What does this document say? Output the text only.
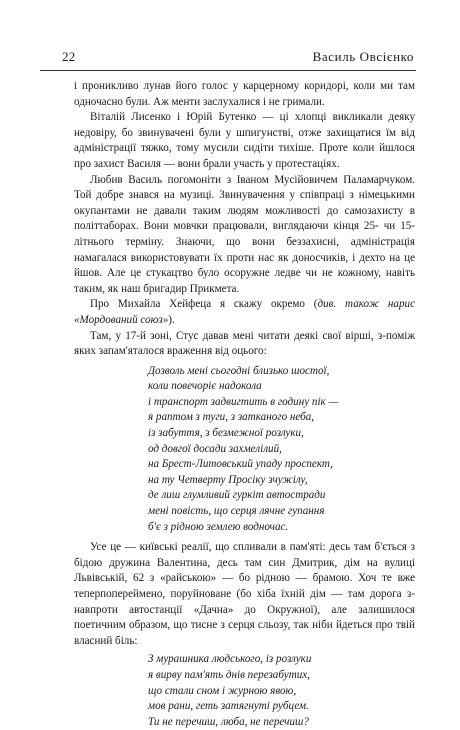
22	Василь Овсієнко

і проникливо лунав його голос у карцерному коридорі, коли ми там одночасно були. Аж менти заслухалися і не гримали.

Віталій Лисенко і Юрій Бутенко — ці хлопці викликали деяку недовіру, бо звинувачені були у шпигунстві, отже захищатися їм від адміністрації тяжко, тому мусили сидіти тихіше. Проте коли йшлося про захист Василя — вони брали участь у протестаціях.

Любив Василь погомоніти з Іваном Мусійовичем Паламарчуком. Той добре знався на музиці. Звинувачення у співпраці з німецькими окупантами не давали таким людям можливості до самозахисту в політтаборах. Вони мовчки працювали, виглядаючи кінця 25- чи 15-літнього терміну. Знаючи, що вони беззахисні, адміністрація намагалася використовувати їх проти нас як доносчиків, і дехто на це йшов. Але це стукацтво було осоружне ледве чи не кожному, навіть таким, як наш бригадир Прикмета.

Про Михайла Хейфеца я скажу окремо (див. також нарис «Мордований союз»).

Там, у 17-й зоні, Стус давав мені читати деякі свої вірші, з-поміж яких запам'яталося враження від оцього:

Дозволь мені сьогодні близько шостої,
коли повечоріє надокола
і транспорт задвигтить в годину пік —
я раптом з туги, з затканого неба,
із забуття, з безмежної розлуки,
од довгої досади захмелілий,
на Брест-Литовський упаду проспект,
на ту Четверту Просіку зчужілу,
де лиш глумливий гуркіт автостради
мені повість, що серця лячне гупання
б'є з рідною землею водночас.

Усе це — київські реалії, що спливали в пам'яті: десь там б'ється з бідою дружина Валентина, десь там син Дмитрик, дім на вулиці Львівській, 62 з «райською» — бо рідною — брамою. Хоч те вже теперпопереймено, поруйноване (бо хіба їхній дім — там дорога з-навпроти автостанції «Дачна» до Окружної), але залишилося поетичним образом, що тисне з серця сльозу, так ніби йдеться про твій власний біль:

З мурашника людського, із розлуки
я вирву пам'ять днів перезабутих,
що стали сном і журною явою,
мов рани, геть затягнуті рубцем.
Ти не перечиш, люба, не перечиш?
